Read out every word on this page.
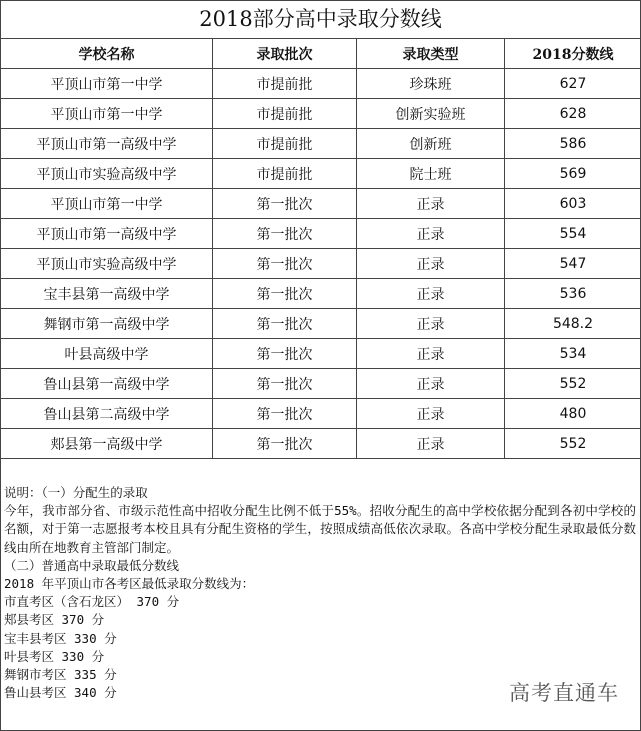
2018部分高中录取分数线
学校名称	录取批次	录取类型	2018分数线
平顶山市第一中学	市提前批	珍珠班	627
平顶山市第一中学	市提前批	创新实验班	628
平顶山市第一高级中学	市提前批	创新班	586
平顶山市实验高级中学	市提前批	院士班	569
平顶山市第一中学	第一批次	正录	603
平顶山市第一高级中学	第一批次	正录	554
平顶山市实验高级中学	第一批次	正录	547
宝丰县第一高级中学	第一批次	正录	536
舞钢市第一高级中学	第一批次	正录	548.2
叶县高级中学	第一批次	正录	534
鲁山县第一高级中学	第一批次	正录	552
鲁山县第二高级中学	第一批次	正录	480
郏县第一高级中学	第一批次	正录	552
说明：（一）分配生的录取
今年，我市部分省、市级示范性高中招收分配生比例不低于55%。招收分配生的高中学校依据分配到各初中学校的名额，对于第一志愿报考本校且具有分配生资格的学生，按照成绩高低依次录取。各高中学校分配生录取最低分数线由所在地教育主管部门制定。
（二）普通高中录取最低分数线
2018 年平顶山市各考区最低录取分数线为：
市直考区（含石龙区） 370 分
郏县考区 370 分
宝丰县考区 330 分
叶县考区 330 分
舞钢市考区 335 分
鲁山县考区 340 分	高考直通车
